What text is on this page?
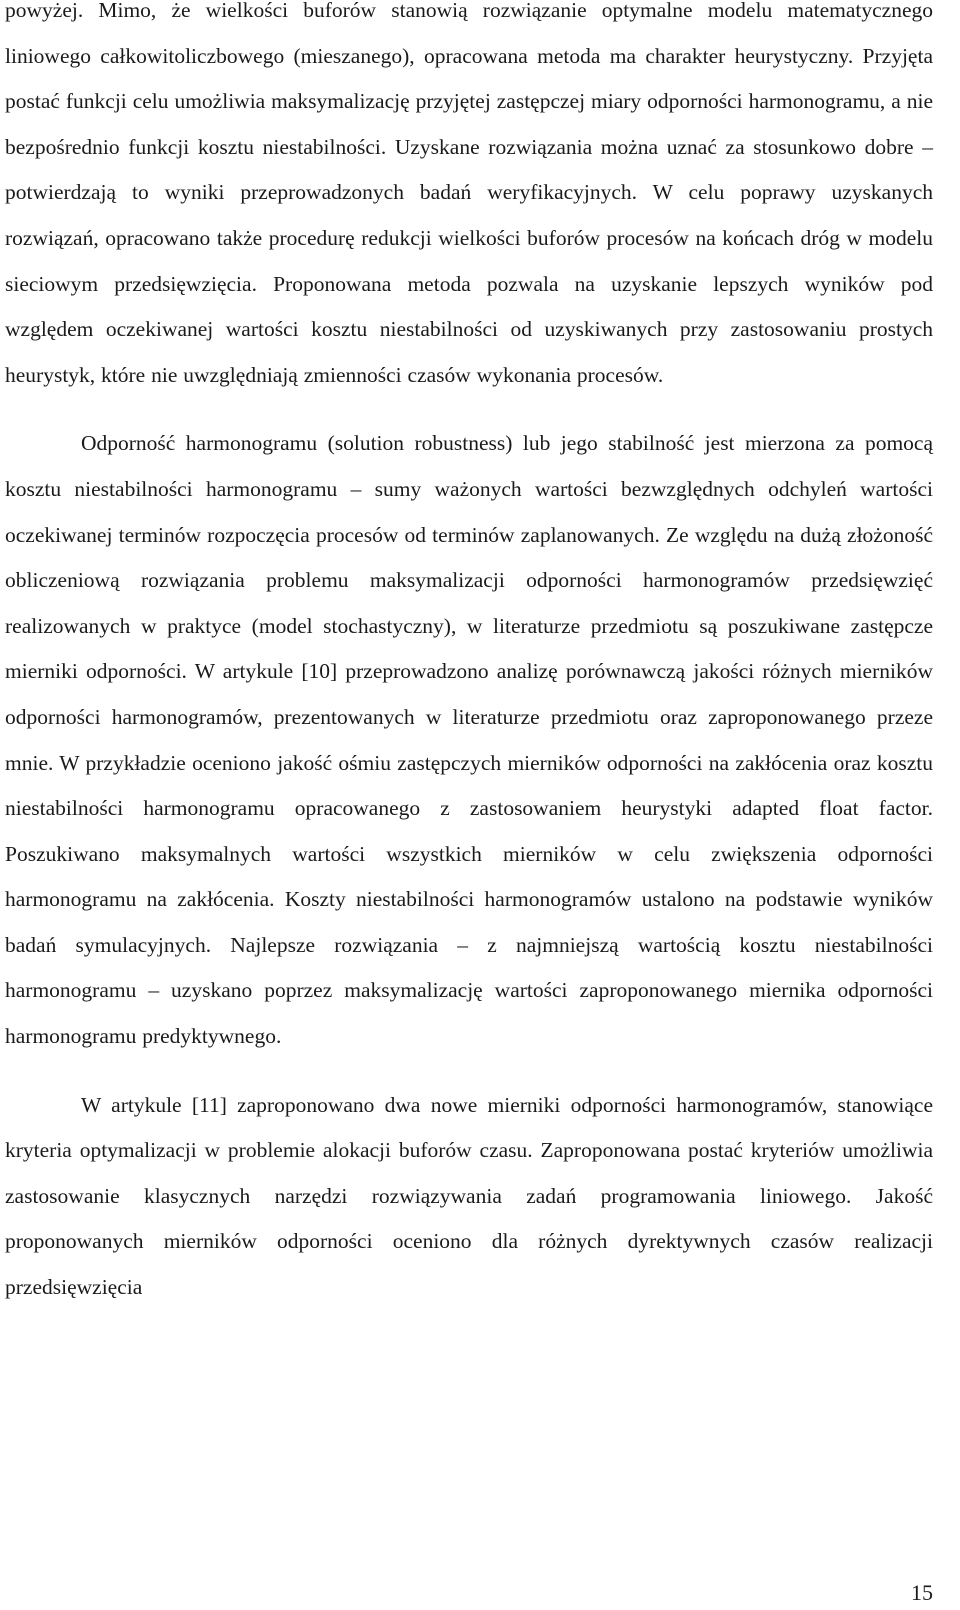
powyżej. Mimo, że wielkości buforów stanowią rozwiązanie optymalne modelu matematycznego liniowego całkowitoliczbowego (mieszanego), opracowana metoda ma charakter heurystyczny. Przyjęta postać funkcji celu umożliwia maksymalizację przyjętej zastępczej miary odporności harmonogramu, a nie bezpośrednio funkcji kosztu niestabilności. Uzyskane rozwiązania można uznać za stosunkowo dobre – potwierdzają to wyniki przeprowadzonych badań weryfikacyjnych. W celu poprawy uzyskanych rozwiązań, opracowano także procedurę redukcji wielkości buforów procesów na końcach dróg w modelu sieciowym przedsięwzięcia. Proponowana metoda pozwala na uzyskanie lepszych wyników pod względem oczekiwanej wartości kosztu niestabilności od uzyskiwanych przy zastosowaniu prostych heurystyk, które nie uwzględniają zmienności czasów wykonania procesów.

Odporność harmonogramu (solution robustness) lub jego stabilność jest mierzona za pomocą kosztu niestabilności harmonogramu – sumy ważonych wartości bezwzględnych odchyleń wartości oczekiwanej terminów rozpoczęcia procesów od terminów zaplanowanych. Ze względu na dużą złożoność obliczeniową rozwiązania problemu maksymalizacji odporności harmonogramów przedsięwzięć realizowanych w praktyce (model stochastyczny), w literaturze przedmiotu są poszukiwane zastępcze mierniki odporności. W artykule [10] przeprowadzono analizę porównawczą jakości różnych mierników odporności harmonogramów, prezentowanych w literaturze przedmiotu oraz zaproponowanego przeze mnie. W przykładzie oceniono jakość ośmiu zastępczych mierników odporności na zakłócenia oraz kosztu niestabilności harmonogramu opracowanego z zastosowaniem heurystyki adapted float factor. Poszukiwano maksymalnych wartości wszystkich mierników w celu zwiększenia odporności harmonogramu na zakłócenia. Koszty niestabilności harmonogramów ustalono na podstawie wyników badań symulacyjnych. Najlepsze rozwiązania – z najmniejszą wartością kosztu niestabilności harmonogramu – uzyskano poprzez maksymalizację wartości zaproponowanego miernika odporności harmonogramu predyktywnego.

W artykule [11] zaproponowano dwa nowe mierniki odporności harmonogramów, stanowiące kryteria optymalizacji w problemie alokacji buforów czasu. Zaproponowana postać kryteriów umożliwia zastosowanie klasycznych narzędzi rozwiązywania zadań programowania liniowego. Jakość proponowanych mierników odporności oceniono dla różnych dyrektywnych czasów realizacji przedsięwzięcia

15
